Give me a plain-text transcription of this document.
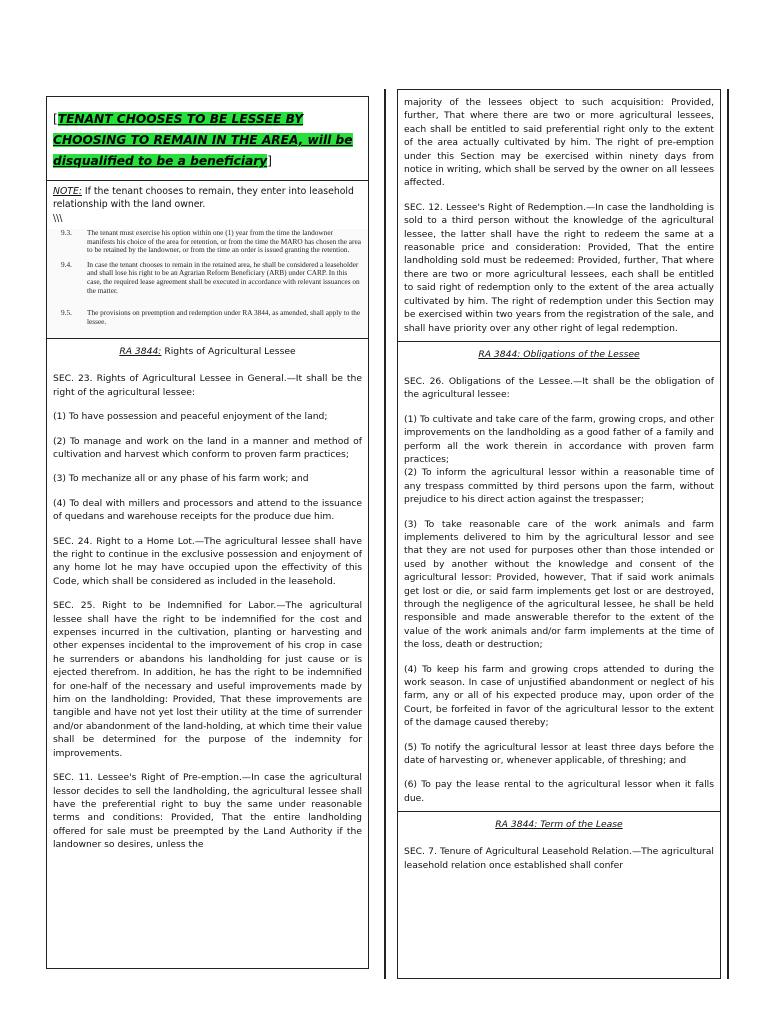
[TENANT CHOOSES TO BE LESSEE BY CHOOSING TO REMAIN IN THE AREA, will be disqualified to be a beneficiary]
NOTE: If the tenant chooses to remain, they enter into leasehold relationship with the land owner.
\\\
9.3.	The tenant must exercise his option within one (1) year from the time the landowner manifests his choice of the area for retention, or from the time the MARO has chosen the area to be retained by the landowner, or from the time an order is issued granting the retention.
9.4.	In case the tenant chooses to remain in the retained area, he shall be considered a leaseholder and shall lose his right to be an Agrarian Reform Beneficiary (ARB) under CARP. In this case, the required lease agreement shall be executed in accordance with relevant issuances on the matter.
9.5.	The provisions on preemption and redemption under RA 3844, as amended, shall apply to the lessee.
RA 3844: Rights of Agricultural Lessee

SEC. 23. Rights of Agricultural Lessee in General.—It shall be the right of the agricultural lessee:

(1) To have possession and peaceful enjoyment of the land;

(2) To manage and work on the land in a manner and method of cultivation and harvest which conform to proven farm practices;

(3) To mechanize all or any phase of his farm work; and

(4) To deal with millers and processors and attend to the issuance of quedans and warehouse receipts for the produce due him.

SEC. 24. Right to a Home Lot.—The agricultural lessee shall have the right to continue in the exclusive possession and enjoyment of any home lot he may have occupied upon the effectivity of this Code, which shall be considered as included in the leasehold.

SEC. 25. Right to be Indemnified for Labor.—The agricultural lessee shall have the right to be indemnified for the cost and expenses incurred in the cultivation, planting or harvesting and other expenses incidental to the improvement of his crop in case he surrenders or abandons his landholding for just cause or is ejected therefrom. In addition, he has the right to be indemnified for one-half of the necessary and useful improvements made by him on the landholding: Provided, That these improvements are tangible and have not yet lost their utility at the time of surrender and/or abandonment of the land-holding, at which time their value shall be determined for the purpose of the indemnity for improvements.

SEC. 11. Lessee's Right of Pre-emption.—In case the agricultural lessor decides to sell the landholding, the agricultural lessee shall have the preferential right to buy the same under reasonable terms and conditions: Provided, That the entire landholding offered for sale must be preempted by the Land Authority if the landowner so desires, unless the

majority of the lessees object to such acquisition: Provided, further, That where there are two or more agricultural lessees, each shall be entitled to said preferential right only to the extent of the area actually cultivated by him. The right of pre-emption under this Section may be exercised within ninety days from notice in writing, which shall be served by the owner on all lessees affected.

SEC. 12. Lessee's Right of Redemption.—In case the landholding is sold to a third person without the knowledge of the agricultural lessee, the latter shall have the right to redeem the same at a reasonable price and consideration: Provided, That the entire landholding sold must be redeemed: Provided, further, That where there are two or more agricultural lessees, each shall be entitled to said right of redemption only to the extent of the area actually cultivated by him. The right of redemption under this Section may be exercised within two years from the registration of the sale, and shall have priority over any other right of legal redemption.

RA 3844: Obligations of the Lessee

SEC. 26. Obligations of the Lessee.—It shall be the obligation of the agricultural lessee:

(1) To cultivate and take care of the farm, growing crops, and other improvements on the landholding as a good father of a family and perform all the work therein in accordance with proven farm practices;

(2) To inform the agricultural lessor within a reasonable time of any trespass committed by third persons upon the farm, without prejudice to his direct action against the trespasser;

(3) To take reasonable care of the work animals and farm implements delivered to him by the agricultural lessor and see that they are not used for purposes other than those intended or used by another without the knowledge and consent of the agricultural lessor: Provided, however, That if said work animals get lost or die, or said farm implements get lost or are destroyed, through the negligence of the agricultural lessee, he shall be held responsible and made answerable therefor to the extent of the value of the work animals and/or farm implements at the time of the loss, death or destruction;

(4) To keep his farm and growing crops attended to during the work season. In case of unjustified abandonment or neglect of his farm, any or all of his expected produce may, upon order of the Court, be forfeited in favor of the agricultural lessor to the extent of the damage caused thereby;

(5) To notify the agricultural lessor at least three days before the date of harvesting or, whenever applicable, of threshing; and

(6) To pay the lease rental to the agricultural lessor when it falls due.

RA 3844: Term of the Lease

SEC. 7. Tenure of Agricultural Leasehold Relation.—The agricultural leasehold relation once established shall confer
